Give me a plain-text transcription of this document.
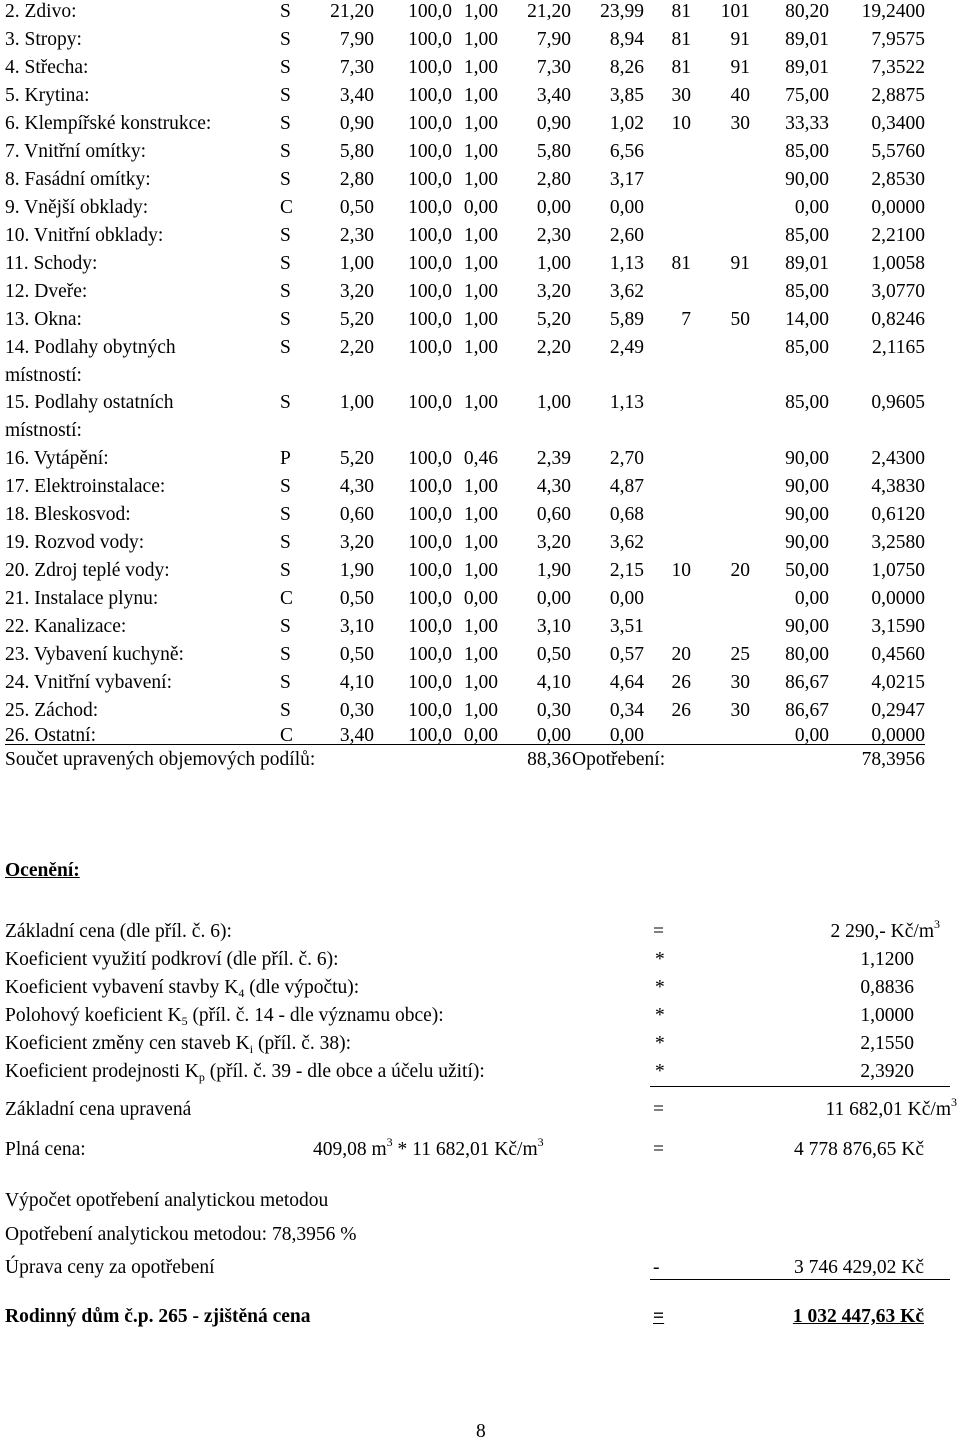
2. Zdivo:	S 21,20 100,0 1,00 21,20 23,99 81 101 80,20 19,2400
3. Stropy:	S	7,90 100,0 1,00 7,90 8,94 81 91 89,01 7,9575
4. Střecha:	S	7,30 100,0 1,00 7,30 8,26 81 91 89,01 7,3522
5. Krytina:	S	3,40 100,0 1,00 3,40 3,85 30 40 75,00 2,8875
6. Klempířské konstrukce:	S	0,90 100,0 1,00 0,90 1,02 10 30 33,33 0,3400
7. Vnitřní omítky:	S	5,80 100,0 1,00 5,80 6,56	85,00 5,5760
8. Fasádní omítky:	S	2,80 100,0 1,00 2,80 3,17	90,00 2,8530
9. Vnější obklady:	C 0,50 100,0 0,00 0,00 0,00	0,00 0,0000
10. Vnitřní obklady:	S	2,30 100,0 1,00 2,30 2,60	85,00 2,2100
11. Schody:	S	1,00 100,0 1,00 1,00 1,13 81 91 89,01 1,0058
12. Dveře:	S	3,20 100,0 1,00 3,20 3,62	85,00 3,0770
13. Okna:	S	5,20 100,0 1,00 5,20 5,89 7 50 14,00 0,8246
14. Podlahy obytných	S	2,20 100,0 1,00 2,20 2,49	85,00 2,1165
místností:
15. Podlahy ostatních	S	1,00 100,0 1,00 1,00 1,13	85,00 0,9605
místností:
16. Vytápění:	P	5,20 100,0 0,46 2,39 2,70	90,00 2,4300
17. Elektroinstalace:	S	4,30 100,0 1,00 4,30 4,87	90,00 4,3830
18. Bleskosvod:	S	0,60 100,0 1,00 0,60 0,68	90,00 0,6120
19. Rozvod vody:	S	3,20 100,0 1,00 3,20 3,62	90,00 3,2580
20. Zdroj teplé vody:	S	1,90 100,0 1,00 1,90 2,15 10 20 50,00 1,0750
21. Instalace plynu:	C 0,50 100,0 0,00 0,00 0,00	0,00 0,0000
22. Kanalizace:	S	3,10 100,0 1,00 3,10 3,51	90,00 3,1590
23. Vybavení kuchyně:	S	0,50 100,0 1,00 0,50 0,57 20 25 80,00 0,4560
24. Vnitřní vybavení:	S	4,10 100,0 1,00 4,10 4,64 26 30 86,67 4,0215
25. Záchod:	S	0,30 100,0 1,00 0,30 0,34 26 30 86,67 0,2947
26. Ostatní:	C 3,40 100,0 0,00 0,00 0,00	0,00 0,0000
Součet upravených objemových podílů:	88,36 Opotřebení:	78,3956
Ocenění:
Základní cena (dle příl. č. 6):	=	2 290,- $Kč/m^3$
Koeficient využití podkroví (dle příl. č. 6):	*	1,1200
Koeficient vybavení stavby $K_4$ (dle výpočtu):	*	0,8836
Polohový koeficient $K_5$ (příl. č. 14 - dle významu obce):	*	1,0000
Koeficient změny cen staveb $K_i$ (příl. č. 38):	*	2,1550
Koeficient prodejnosti $K_p$ (příl. č. 39 - dle obce a účelu užití):	*	2,3920
Základní cena upravená	=	11 682,01 $Kč/m^3$
Plná cena:	409,08 $m^3 * 11$ 682,01 $Kč/m^3$	=	4 778 876,65 Kč
Výpočet opotřebení analytickou metodou
Opotřebení analytickou metodou: 78,3956 %
Úprava ceny za opotřebení	-	3 746 429,02 Kč
Rodinný dům č.p. 265 - zjištěná cena	=	1 032 447,63 Kč
8
